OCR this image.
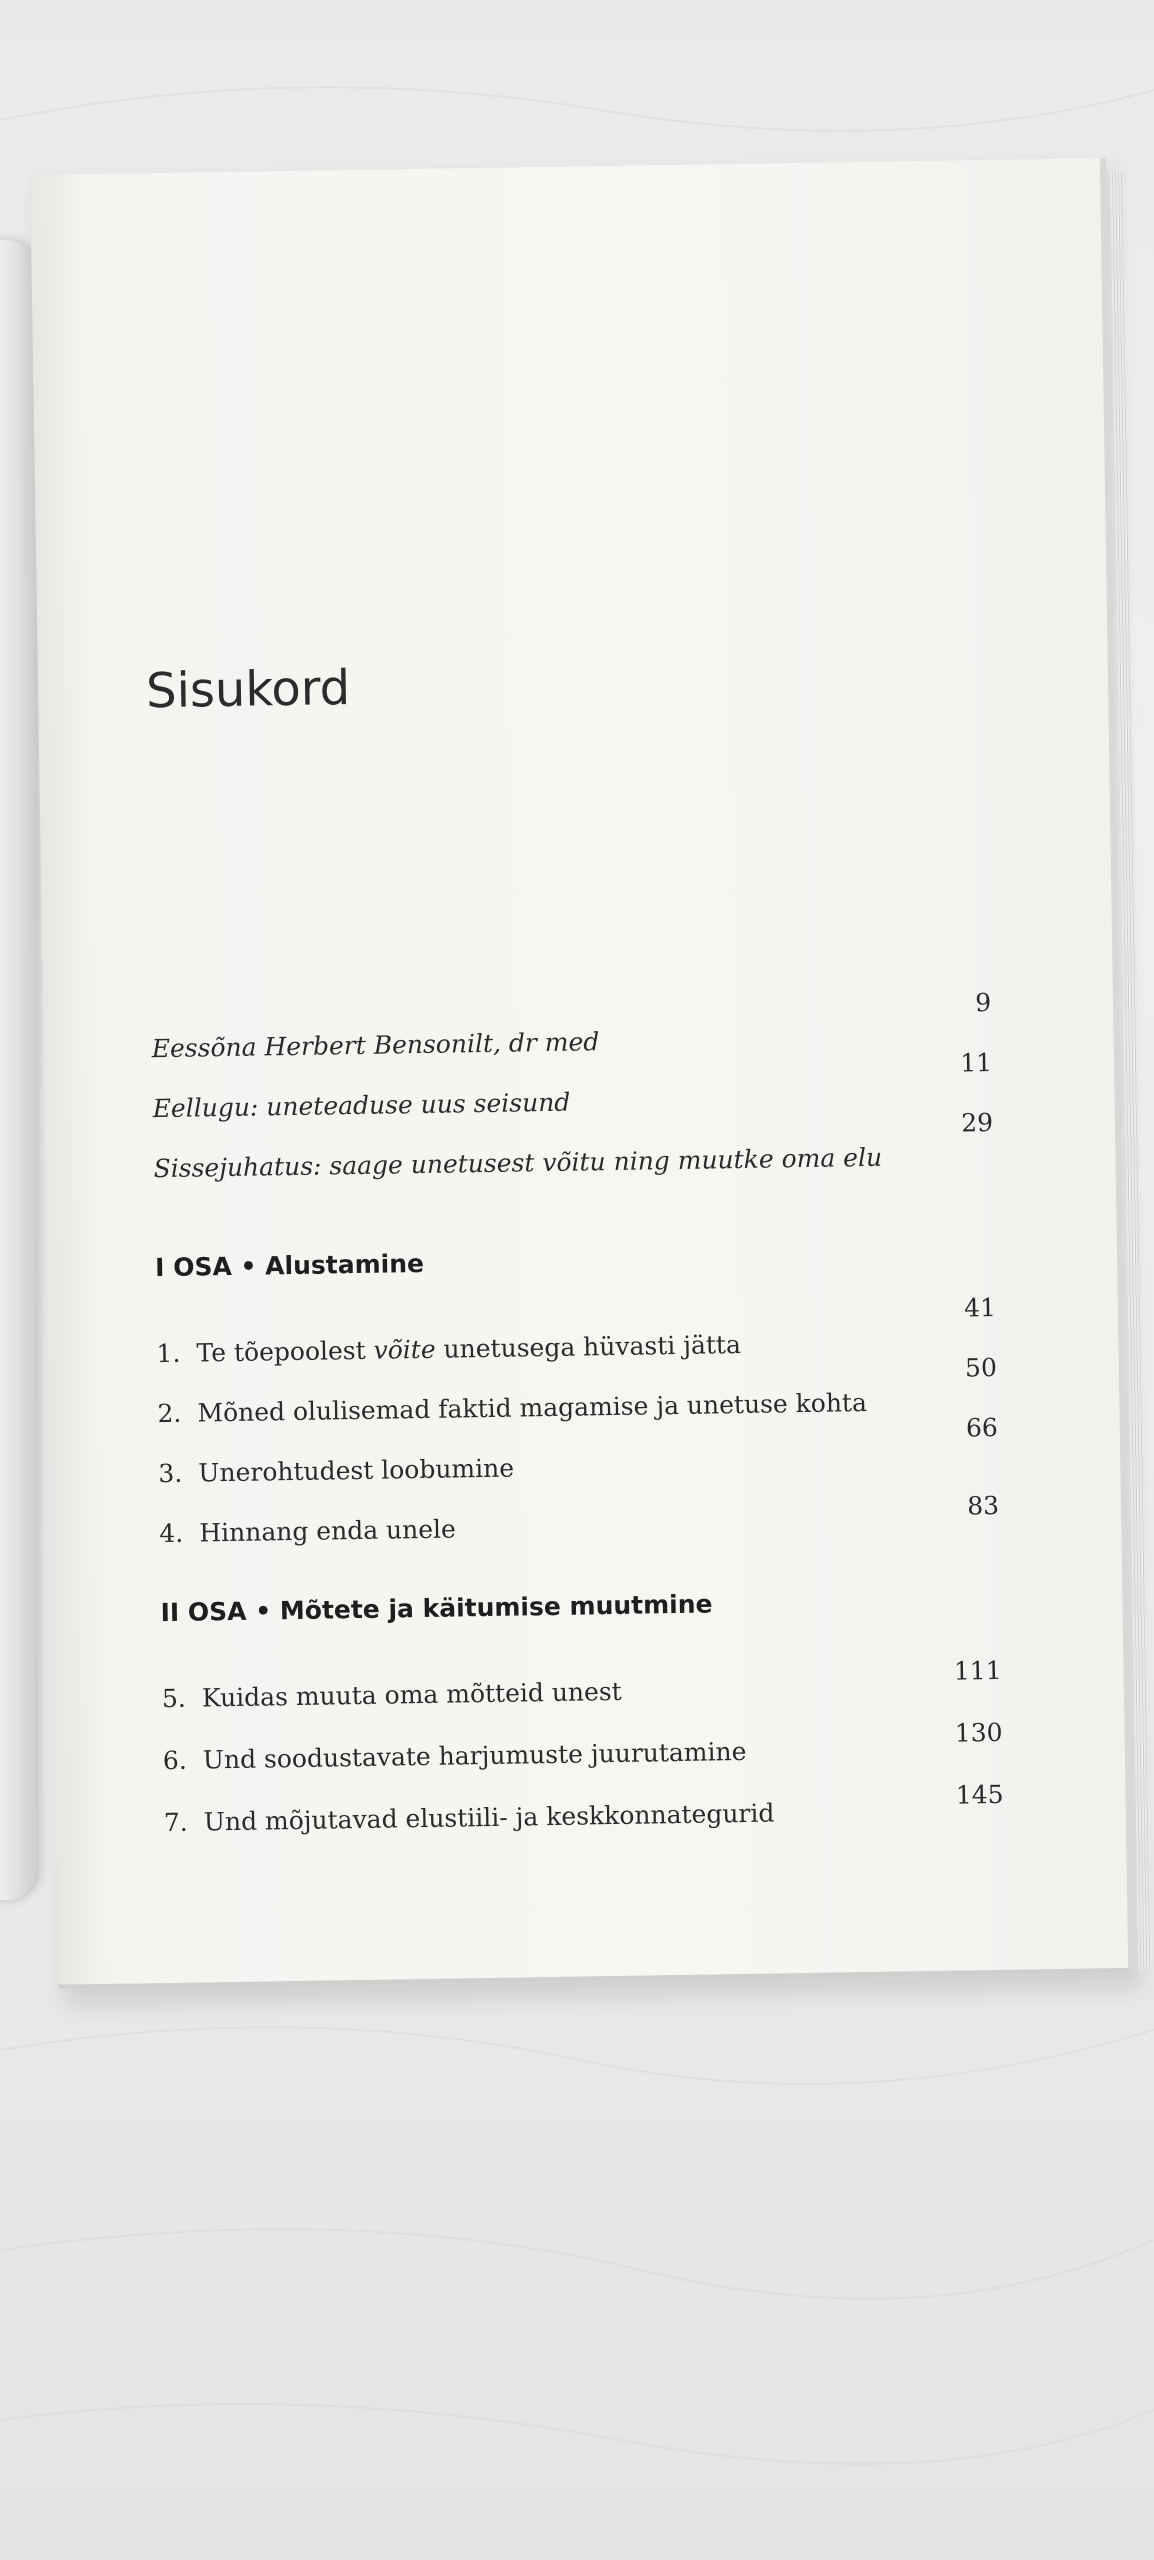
Sisukord
Eessõna Herbert Bensonilt, dr med
9
Eellugu: uneteaduse uus seisund
11
Sissejuhatus: saage unetusest võitu ning muutke oma elu
29
I OSA • Alustamine
1. Te tõepoolest võite unetusega hüvasti jätta
41
2. Mõned olulisemad faktid magamise ja unetuse kohta
50
3. Unerohtudest loobumine
66
4. Hinnang enda unele
83
II OSA • Mõtete ja käitumise muutmine
5. Kuidas muuta oma mõtteid unest
111
6. Und soodustavate harjumuste juurutamine
130
7. Und mõjutavad elustiili- ja keskkonnategurid
145
